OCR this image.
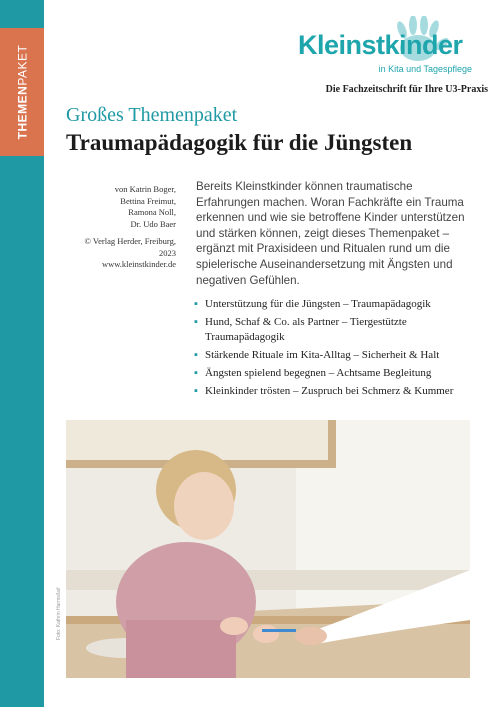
THEMENPAKET	Kleinstkinder
in Kita und Tagespflege
Die Fachzeitschrift für Ihre U3-Praxis
Großes Themenpaket
Traumapädagogik für die Jüngsten
von Katrin Boger,
Bettina Freimut,
Ramona Noll,
Dr. Udo Baer
© Verlag Herder, Freiburg, 2023
www.kleinstkinder.de
Bereits Kleinstkinder können traumatische Erfahrungen machen. Woran Fachkräfte ein Trauma erkennen und wie sie betroffene Kinder unterstützen und stärken können, zeigt dieses Themenpaket – ergänzt mit Praxisideen und Ritualen rund um die spielerische Auseinandersetzung mit Ängsten und negativen Gefühlen.
▪ Unterstützung für die Jüngsten – Traumapädagogik
▪ Hund, Schaf & Co. als Partner – Tiergestützte Traumapädagogik
▪ Stärkende Rituale im Kita-Alltag – Sicherheit & Halt
▪ Ängsten spielend begegnen – Achtsame Begleitung
▪ Kleinkinder trösten – Zuspruch bei Schmerz & Kummer
Foto: Kathrin Harms/laif
